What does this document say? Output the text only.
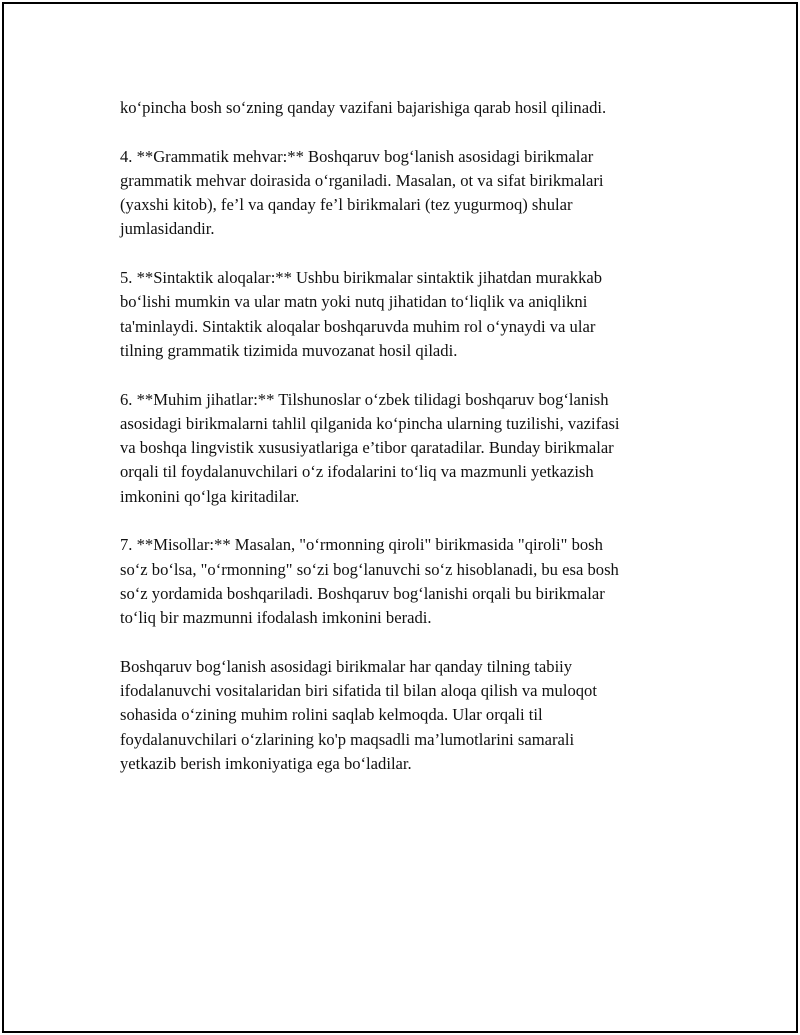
ko‘pincha bosh so‘zning qanday vazifani bajarishiga qarab hosil qilinadi.

4. **Grammatik mehvar:** Boshqaruv bog‘lanish asosidagi birikmalar
grammatik mehvar doirasida o‘rganiladi. Masalan, ot va sifat birikmalari
(yaxshi kitob), fe’l va qanday fe’l birikmalari (tez yugurmoq) shular
jumlasidandir.

5. **Sintaktik aloqalar:** Ushbu birikmalar sintaktik jihatdan murakkab
bo‘lishi mumkin va ular matn yoki nutq jihatidan to‘liqlik va aniqlikni
ta'minlaydi. Sintaktik aloqalar boshqaruvda muhim rol o‘ynaydi va ular
tilning grammatik tizimida muvozanat hosil qiladi.

6. **Muhim jihatlar:** Tilshunoslar o‘zbek tilidagi boshqaruv bog‘lanish
asosidagi birikmalarni tahlil qilganida ko‘pincha ularning tuzilishi, vazifasi
va boshqa lingvistik xususiyatlariga e’tibor qaratadilar. Bunday birikmalar
orqali til foydalanuvchilari o‘z ifodalarini to‘liq va mazmunli yetkazish
imkonini qo‘lga kiritadilar.

7. **Misollar:** Masalan, "o‘rmonning qiroli" birikmasida "qiroli" bosh
so‘z bo‘lsa, "o‘rmonning" so‘zi bog‘lanuvchi so‘z hisoblanadi, bu esa bosh
so‘z yordamida boshqariladi. Boshqaruv bog‘lanishi orqali bu birikmalar
to‘liq bir mazmunni ifodalash imkonini beradi.

Boshqaruv bog‘lanish asosidagi birikmalar har qanday tilning tabiiy
ifodalanuvchi vositalaridan biri sifatida til bilan aloqa qilish va muloqot
sohasida o‘zining muhim rolini saqlab kelmoqda. Ular orqali til
foydalanuvchilari o‘zlarining ko'p maqsadli ma’lumotlarini samarali
yetkazib berish imkoniyatiga ega bo‘ladilar.
